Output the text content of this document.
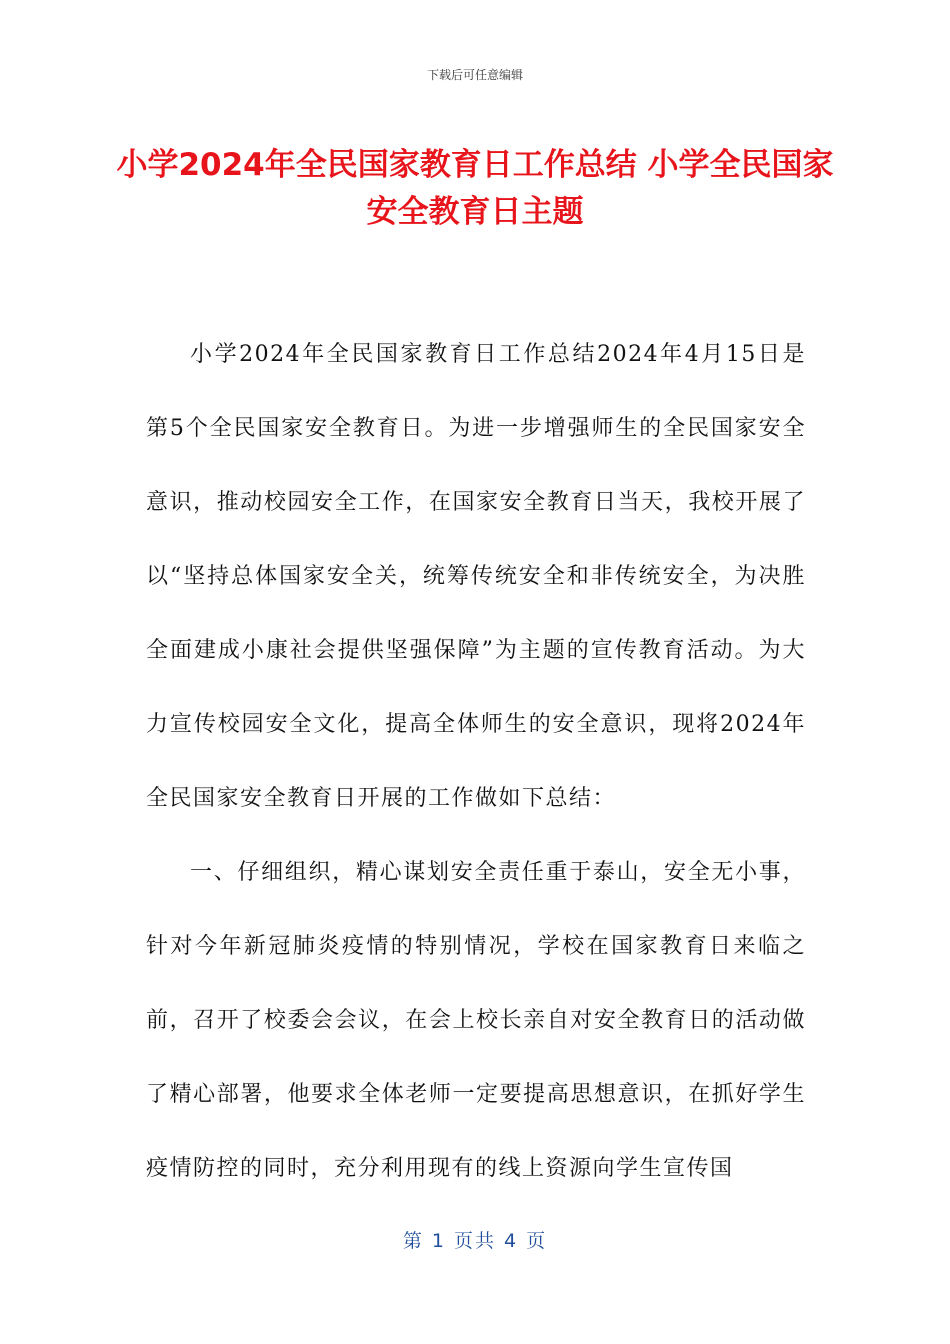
下载后可任意编辑
小学2024年全民国家教育日工作总结 小学全民国家安全教育日主题

小学2024年全民国家教育日工作总结2024年4月15日是第5个全民国家安全教育日。为进一步增强师生的全民国家安全意识，推动校园安全工作，在国家安全教育日当天，我校开展了以“坚持总体国家安全关，统筹传统安全和非传统安全，为决胜全面建成小康社会提供坚强保障”为主题的宣传教育活动。为大力宣传校园安全文化，提高全体师生的安全意识，现将2024年全民国家安全教育日开展的工作做如下总结：

一、仔细组织，精心谋划安全责任重于泰山，安全无小事，针对今年新冠肺炎疫情的特别情况，学校在国家教育日来临之前，召开了校委会会议，在会上校长亲自对安全教育日的活动做了精心部署，他要求全体老师一定要提高思想意识，在抓好学生疫情防控的同时，充分利用现有的线上资源向学生宣传国

第 1 页共 4 页
